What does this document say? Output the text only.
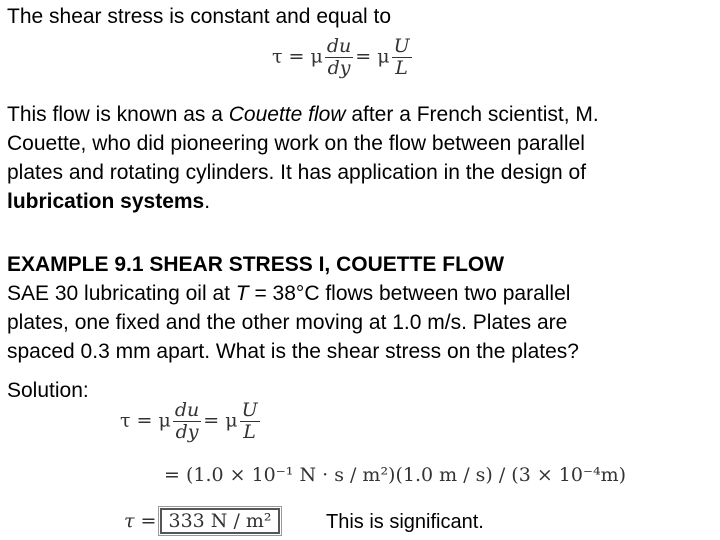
The shear stress is constant and equal to
τ = μ $\frac{du}{dy} = \mu \frac{U}{L}$
This flow is known as a Couette flow after a French scientist, M.
Couette, who did pioneering work on the flow between parallel
plates and rotating cylinders. It has application in the design of
lubrication systems.
EXAMPLE 9.1 SHEAR STRESS I, COUETTE FLOW
SAE 30 lubricating oil at T = 38°C flows between two parallel
plates, one fixed and the other moving at 1.0 m/s. Plates are
spaced 0.3 mm apart. What is the shear stress on the plates?
Solution:
τ = μ $\frac{du}{dy} = \mu \frac{U}{L}$
= (1.0 × 10⁻¹ N · s / m²)(1.0 m / s) / (3 × 10⁻⁴m)
τ = 333 N / m²	This is significant.
